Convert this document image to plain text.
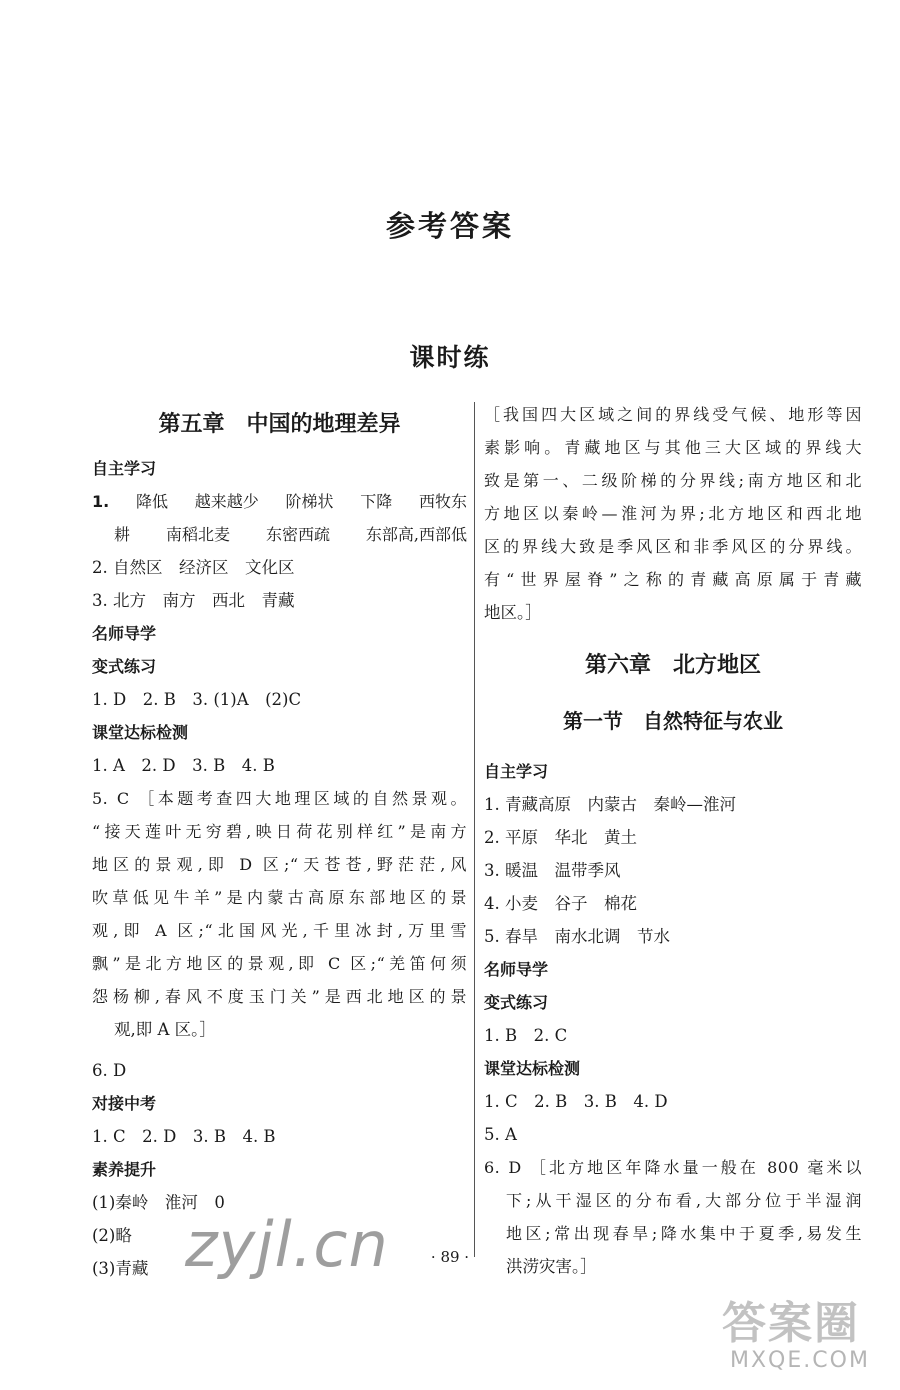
参考答案
课时练
第五章　中国的地理差异
自主学习
1. 降低 越来越少 阶梯状 下降 西牧东
耕 南稻北麦 东密西疏 东部高,西部低
2. 自然区　经济区　文化区
3. 北方　南方　西北　青藏
名师导学
变式练习
1. D　2. B　3. (1)A　(2)C
课堂达标检测
1. A　2. D　3. B　4. B
5. C ［本题考查四大地理区域的自然景观。
“接天莲叶无穷碧,映日荷花别样红”是南方
地区的景观,即 D 区;“天苍苍,野茫茫,风
吹草低见牛羊”是内蒙古高原东部地区的景
观,即 A 区;“北国风光,千里冰封,万里雪
飘”是北方地区的景观,即 C 区;“羌笛何须
怨杨柳,春风不度玉门关”是西北地区的景
观,即 A 区。］
6. D
对接中考
1. C　2. D　3. B　4. B
素养提升
(1)秦岭　淮河　0
(2)略
(3)青藏
［我国四大区域之间的界线受气候、地形等因
素影响。青藏地区与其他三大区域的界线大
致是第一、二级阶梯的分界线;南方地区和北
方地区以秦岭—淮河为界;北方地区和西北地
区的界线大致是季风区和非季风区的分界线。
有“世界屋脊”之称的青藏高原属于青藏
地区。］
第六章　北方地区
第一节　自然特征与农业
自主学习
1. 青藏高原　内蒙古　秦岭—淮河
2. 平原　华北　黄土
3. 暖温　温带季风
4. 小麦　谷子　棉花
5. 春旱　南水北调　节水
名师导学
变式练习
1. B　2. C
课堂达标检测
1. C　2. B　3. B　4. D
5. A
6. D ［北方地区年降水量一般在 800 毫米以
下;从干湿区的分布看,大部分位于半湿润
地区;常出现春旱;降水集中于夏季,易发生
洪涝灾害。］
· 89 ·
zyjl.cn
答案圈
MXQE.COM
